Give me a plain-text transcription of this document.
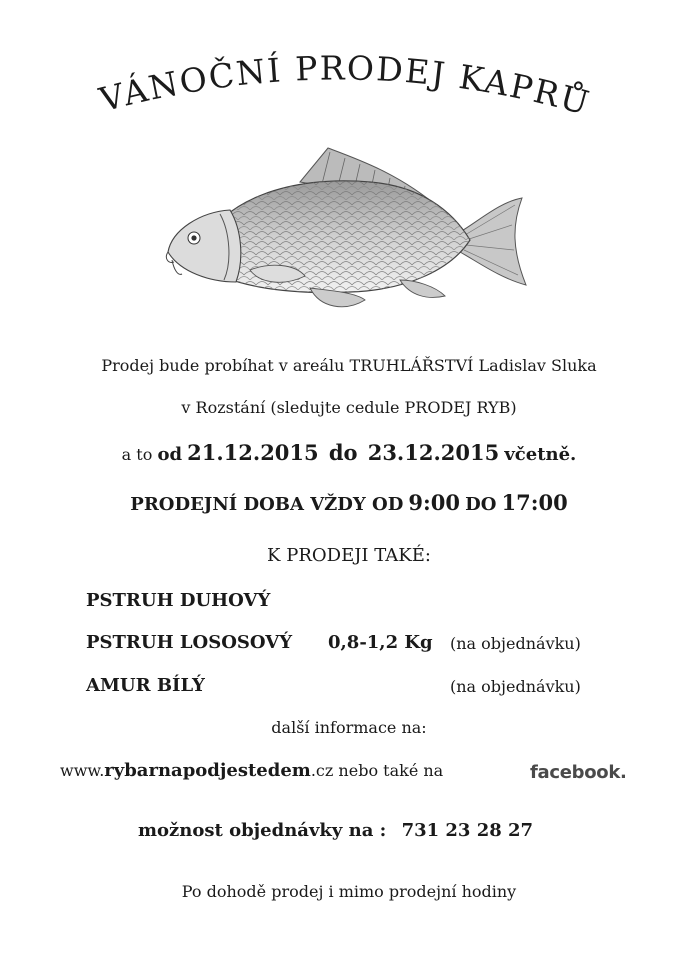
VÁNOČNÍ PRODEJ KAPRŮ
Prodej bude probíhat v areálu TRUHLÁŘSTVÍ Ladislav Sluka
v Rozstání (sledujte cedule PRODEJ RYB)
a to od 21.12.2015 do 23.12.2015 včetně.
PRODEJNÍ DOBA VŽDY OD 9:00 DO 17:00
K PRODEJI TAKÉ:
PSTRUH DUHOVÝ
PSTRUH LOSOSOVÝ 0,8-1,2 Kg (na objednávku)
AMUR BÍLÝ	(na objednávku)
další informace na:
www.rybarnapodjestedem.cz nebo také na	facebook.
možnost objednávky na : 731 23 28 27
Po dohodě prodej i mimo prodejní hodiny
